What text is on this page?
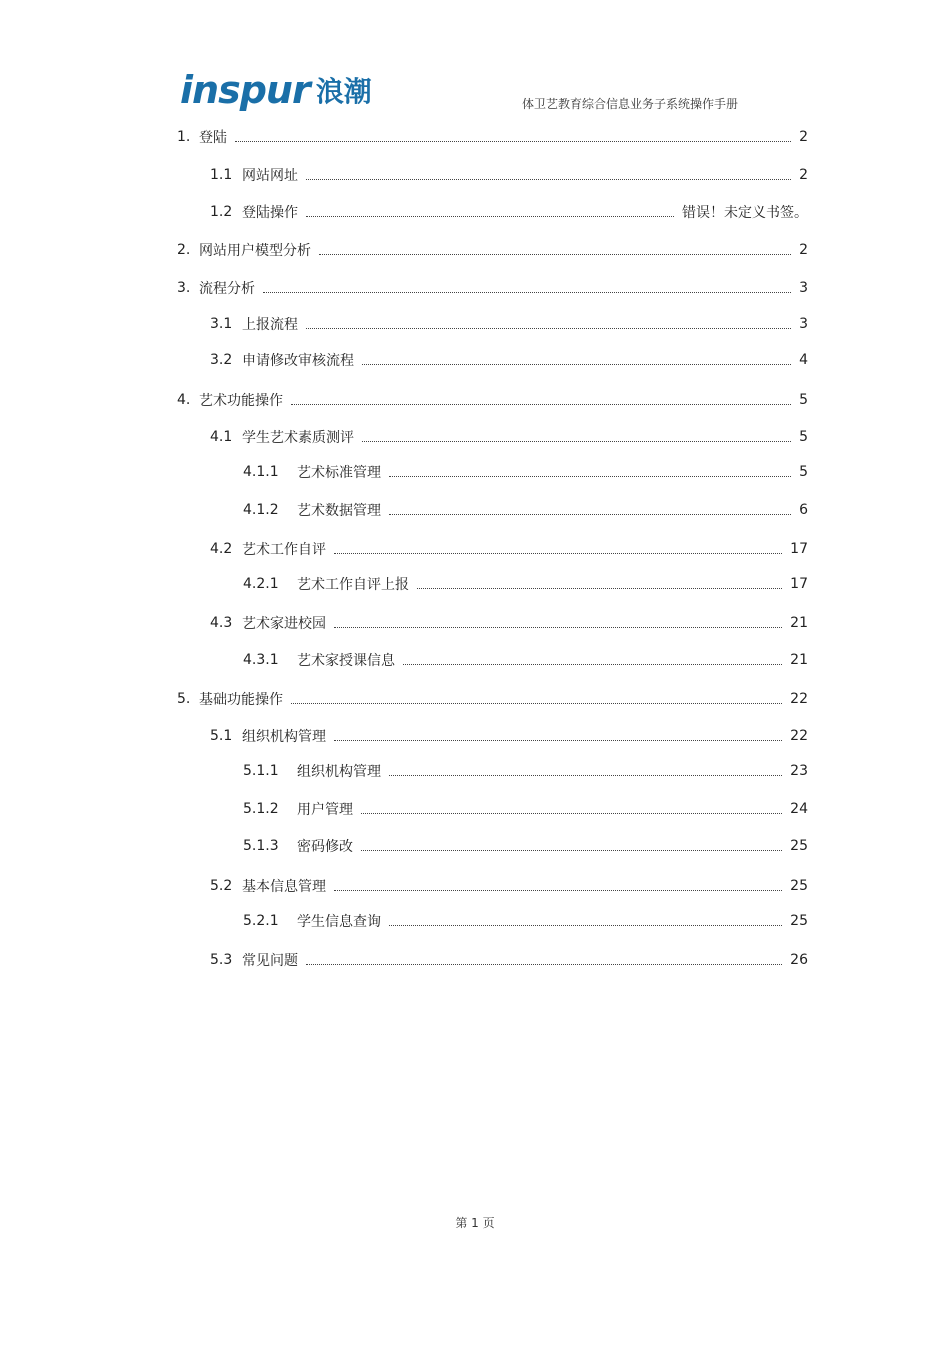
inspur 浪潮	体卫艺教育综合信息业务子系统操作手册
1. 登陆	2
1.1 网站网址	2
1.2 登陆操作	错误！未定义书签。
2. 网站用户模型分析	2
3. 流程分析	3
3.1 上报流程	3
3.2 申请修改审核流程	4
4. 艺术功能操作	5
4.1 学生艺术素质测评	5
4.1.1	艺术标准管理	5
4.1.2	艺术数据管理	6
4.2 艺术工作自评	17
4.2.1	艺术工作自评上报	17
4.3 艺术家进校园	21
4.3.1	艺术家授课信息	21
5. 基础功能操作	22
5.1 组织机构管理	22
5.1.1	组织机构管理	23
5.1.2	用户管理	24
5.1.3	密码修改	25
5.2 基本信息管理	25
5.2.1	学生信息查询	25
5.3 常见问题	26
第 1 页
